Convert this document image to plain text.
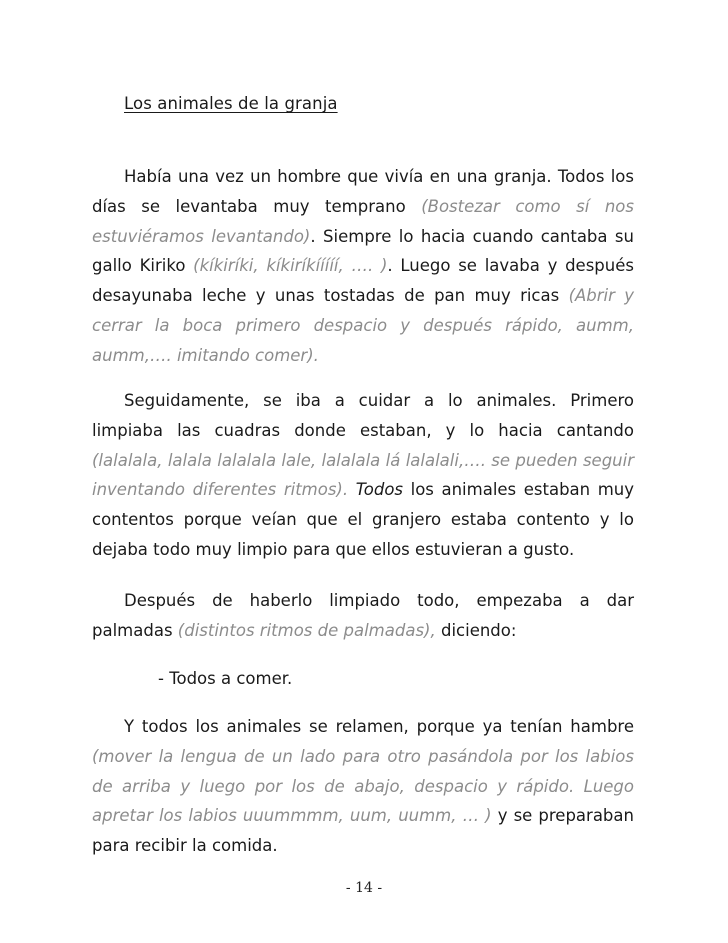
Los animales de la granja

Había una vez un hombre que vivía en una granja. Todos los días se levantaba muy temprano (Bostezar como sí nos estuviéramos levantando). Siempre lo hacia cuando cantaba su gallo Kiriko (kíkiríki, kíkiríkííííí, …. ). Luego se lavaba y después desayunaba leche y unas tostadas de pan muy ricas (Abrir y cerrar la boca primero despacio y después rápido, aumm, aumm,…. imitando comer).

Seguidamente, se iba a cuidar a lo animales. Primero limpiaba las cuadras donde estaban, y lo hacia cantando (lalalala, lalala lalalala lale, lalalala lá lalalali,…. se pueden seguir inventando diferentes ritmos). Todos los animales estaban muy contentos porque veían que el granjero estaba contento y lo dejaba todo muy limpio para que ellos estuvieran a gusto.

Después de haberlo limpiado todo, empezaba a dar palmadas (distintos ritmos de palmadas), diciendo:

- Todos a comer.

Y todos los animales se relamen, porque ya tenían hambre (mover la lengua de un lado para otro pasándola por los labios de arriba y luego por los de abajo, despacio y rápido. Luego apretar los labios uuummmm, uum, uumm, … ) y se preparaban para recibir la comida.

- 14 -
